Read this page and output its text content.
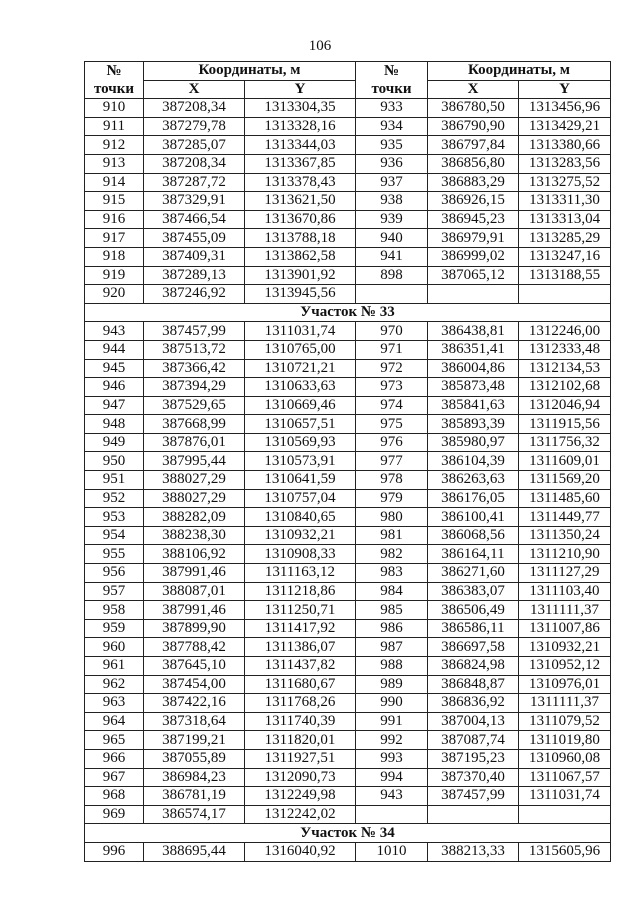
106
№	Координаты, м		№	Координаты, м	
точки	X	Y	точки	X	Y
910	387208,34	1313304,35	933	386780,50	1313456,96
911	387279,78	1313328,16	934	386790,90	1313429,21
912	387285,07	1313344,03	935	386797,84	1313380,66
913	387208,34	1313367,85	936	386856,80	1313283,56
914	387287,72	1313378,43	937	386883,29	1313275,52
915	387329,91	1313621,50	938	386926,15	1313311,30
916	387466,54	1313670,86	939	386945,23	1313313,04
917	387455,09	1313788,18	940	386979,91	1313285,29
918	387409,31	1313862,58	941	386999,02	1313247,16
919	387289,13	1313901,92	898	387065,12	1313188,55
920	387246,92	1313945,56			
Участок № 33					
943	387457,99	1311031,74	970	386438,81	1312246,00
944	387513,72	1310765,00	971	386351,41	1312333,48
945	387366,42	1310721,21	972	386004,86	1312134,53
946	387394,29	1310633,63	973	385873,48	1312102,68
947	387529,65	1310669,46	974	385841,63	1312046,94
948	387668,99	1310657,51	975	385893,39	1311915,56
949	387876,01	1310569,93	976	385980,97	1311756,32
950	387995,44	1310573,91	977	386104,39	1311609,01
951	388027,29	1310641,59	978	386263,63	1311569,20
952	388027,29	1310757,04	979	386176,05	1311485,60
953	388282,09	1310840,65	980	386100,41	1311449,77
954	388238,30	1310932,21	981	386068,56	1311350,24
955	388106,92	1310908,33	982	386164,11	1311210,90
956	387991,46	1311163,12	983	386271,60	1311127,29
957	388087,01	1311218,86	984	386383,07	1311103,40
958	387991,46	1311250,71	985	386506,49	1311111,37
959	387899,90	1311417,92	986	386586,11	1311007,86
960	387788,42	1311386,07	987	386697,58	1310932,21
961	387645,10	1311437,82	988	386824,98	1310952,12
962	387454,00	1311680,67	989	386848,87	1310976,01
963	387422,16	1311768,26	990	386836,92	1311111,37
964	387318,64	1311740,39	991	387004,13	1311079,52
965	387199,21	1311820,01	992	387087,74	1311019,80
966	387055,89	1311927,51	993	387195,23	1310960,08
967	386984,23	1312090,73	994	387370,40	1311067,57
968	386781,19	1312249,98	943	387457,99	1311031,74
969	386574,17	1312242,02			
Участок № 34					
996	388695,44	1316040,92	1010	388213,33	1315605,96
